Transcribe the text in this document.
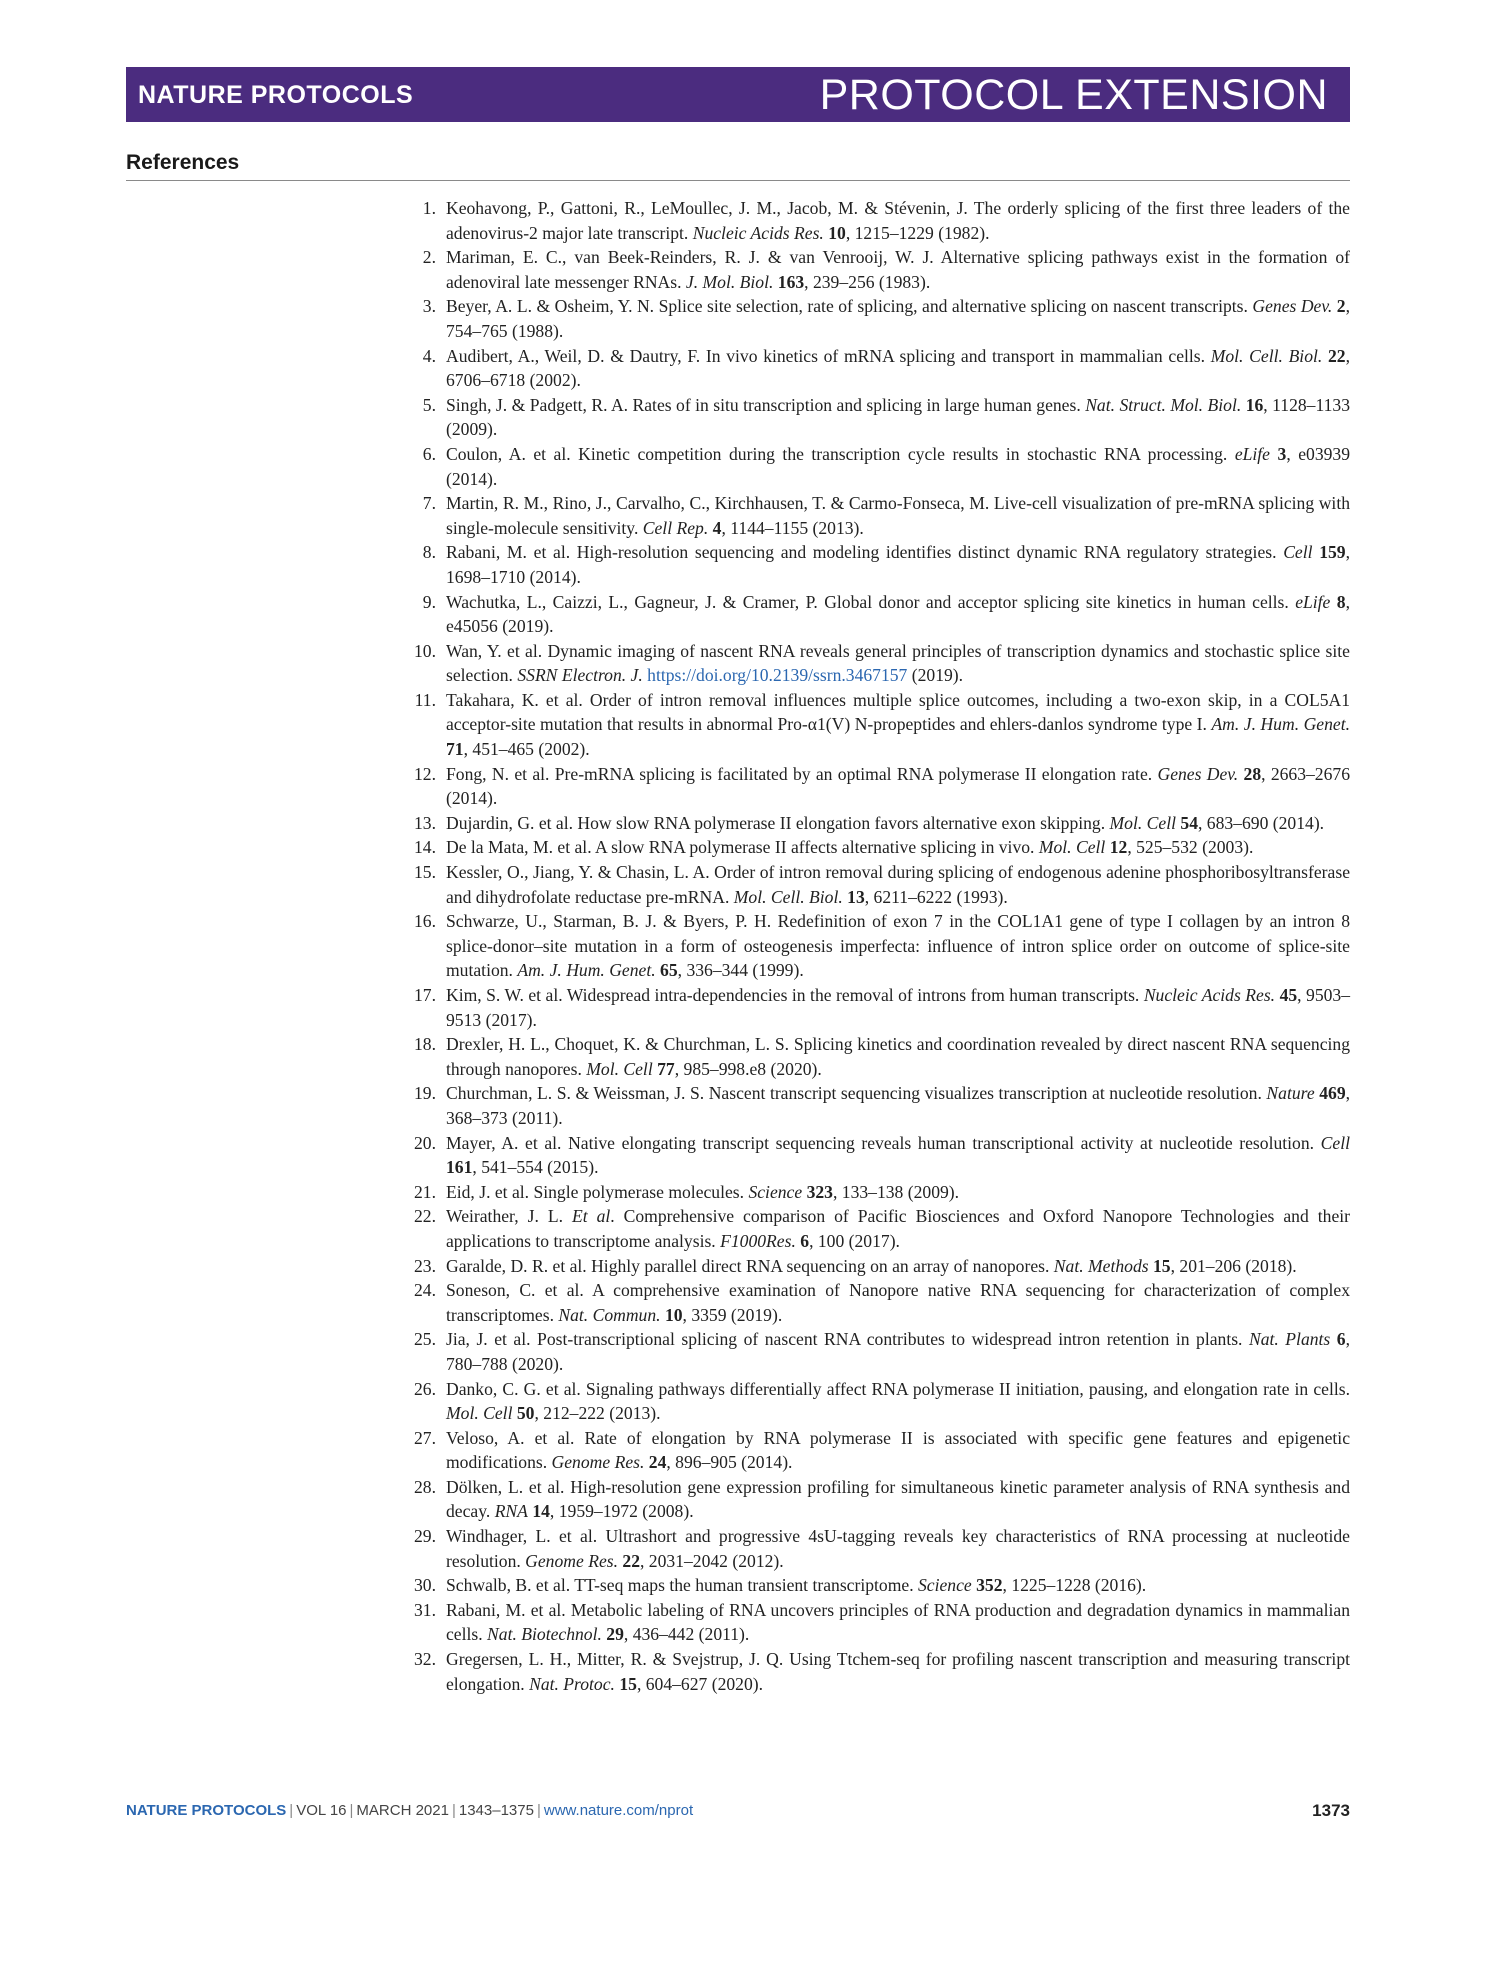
NATURE PROTOCOLS	PROTOCOL EXTENSION
References
1. Keohavong, P., Gattoni, R., LeMoullec, J. M., Jacob, M. & Stévenin, J. The orderly splicing of the first three leaders of the adenovirus-2 major late transcript. Nucleic Acids Res. 10, 1215–1229 (1982).
2. Mariman, E. C., van Beek-Reinders, R. J. & van Venrooij, W. J. Alternative splicing pathways exist in the formation of adenoviral late messenger RNAs. J. Mol. Biol. 163, 239–256 (1983).
3. Beyer, A. L. & Osheim, Y. N. Splice site selection, rate of splicing, and alternative splicing on nascent transcripts. Genes Dev. 2, 754–765 (1988).
4. Audibert, A., Weil, D. & Dautry, F. In vivo kinetics of mRNA splicing and transport in mammalian cells. Mol. Cell. Biol. 22, 6706–6718 (2002).
5. Singh, J. & Padgett, R. A. Rates of in situ transcription and splicing in large human genes. Nat. Struct. Mol. Biol. 16, 1128–1133 (2009).
6. Coulon, A. et al. Kinetic competition during the transcription cycle results in stochastic RNA processing. eLife 3, e03939 (2014).
7. Martin, R. M., Rino, J., Carvalho, C., Kirchhausen, T. & Carmo-Fonseca, M. Live-cell visualization of pre-mRNA splicing with single-molecule sensitivity. Cell Rep. 4, 1144–1155 (2013).
8. Rabani, M. et al. High-resolution sequencing and modeling identifies distinct dynamic RNA regulatory strategies. Cell 159, 1698–1710 (2014).
9. Wachutka, L., Caizzi, L., Gagneur, J. & Cramer, P. Global donor and acceptor splicing site kinetics in human cells. eLife 8, e45056 (2019).
10. Wan, Y. et al. Dynamic imaging of nascent RNA reveals general principles of transcription dynamics and stochastic splice site selection. SSRN Electron. J. https://doi.org/10.2139/ssrn.3467157 (2019).
11. Takahara, K. et al. Order of intron removal influences multiple splice outcomes, including a two-exon skip, in a COL5A1 acceptor-site mutation that results in abnormal Pro-α1(V) N-propeptides and ehlers-danlos syndrome type I. Am. J. Hum. Genet. 71, 451–465 (2002).
12. Fong, N. et al. Pre-mRNA splicing is facilitated by an optimal RNA polymerase II elongation rate. Genes Dev. 28, 2663–2676 (2014).
13. Dujardin, G. et al. How slow RNA polymerase II elongation favors alternative exon skipping. Mol. Cell 54, 683–690 (2014).
14. De la Mata, M. et al. A slow RNA polymerase II affects alternative splicing in vivo. Mol. Cell 12, 525–532 (2003).
15. Kessler, O., Jiang, Y. & Chasin, L. A. Order of intron removal during splicing of endogenous adenine phosphoribosyltransferase and dihydrofolate reductase pre-mRNA. Mol. Cell. Biol. 13, 6211–6222 (1993).
16. Schwarze, U., Starman, B. J. & Byers, P. H. Redefinition of exon 7 in the COL1A1 gene of type I collagen by an intron 8 splice-donor–site mutation in a form of osteogenesis imperfecta: influence of intron splice order on outcome of splice-site mutation. Am. J. Hum. Genet. 65, 336–344 (1999).
17. Kim, S. W. et al. Widespread intra-dependencies in the removal of introns from human transcripts. Nucleic Acids Res. 45, 9503–9513 (2017).
18. Drexler, H. L., Choquet, K. & Churchman, L. S. Splicing kinetics and coordination revealed by direct nascent RNA sequencing through nanopores. Mol. Cell 77, 985–998.e8 (2020).
19. Churchman, L. S. & Weissman, J. S. Nascent transcript sequencing visualizes transcription at nucleotide resolution. Nature 469, 368–373 (2011).
20. Mayer, A. et al. Native elongating transcript sequencing reveals human transcriptional activity at nucleotide resolution. Cell 161, 541–554 (2015).
21. Eid, J. et al. Single polymerase molecules. Science 323, 133–138 (2009).
22. Weirather, J. L. Et al. Comprehensive comparison of Pacific Biosciences and Oxford Nanopore Technologies and their applications to transcriptome analysis. F1000Res. 6, 100 (2017).
23. Garalde, D. R. et al. Highly parallel direct RNA sequencing on an array of nanopores. Nat. Methods 15, 201–206 (2018).
24. Soneson, C. et al. A comprehensive examination of Nanopore native RNA sequencing for characterization of complex transcriptomes. Nat. Commun. 10, 3359 (2019).
25. Jia, J. et al. Post-transcriptional splicing of nascent RNA contributes to widespread intron retention in plants. Nat. Plants 6, 780–788 (2020).
26. Danko, C. G. et al. Signaling pathways differentially affect RNA polymerase II initiation, pausing, and elongation rate in cells. Mol. Cell 50, 212–222 (2013).
27. Veloso, A. et al. Rate of elongation by RNA polymerase II is associated with specific gene features and epigenetic modifications. Genome Res. 24, 896–905 (2014).
28. Dölken, L. et al. High-resolution gene expression profiling for simultaneous kinetic parameter analysis of RNA synthesis and decay. RNA 14, 1959–1972 (2008).
29. Windhager, L. et al. Ultrashort and progressive 4sU-tagging reveals key characteristics of RNA processing at nucleotide resolution. Genome Res. 22, 2031–2042 (2012).
30. Schwalb, B. et al. TT-seq maps the human transient transcriptome. Science 352, 1225–1228 (2016).
31. Rabani, M. et al. Metabolic labeling of RNA uncovers principles of RNA production and degradation dynamics in mammalian cells. Nat. Biotechnol. 29, 436–442 (2011).
32. Gregersen, L. H., Mitter, R. & Svejstrup, J. Q. Using Ttchem-seq for profiling nascent transcription and measuring transcript elongation. Nat. Protoc. 15, 604–627 (2020).
NATURE PROTOCOLS | VOL 16 | MARCH 2021 | 1343–1375 | www.nature.com/nprot	1373
